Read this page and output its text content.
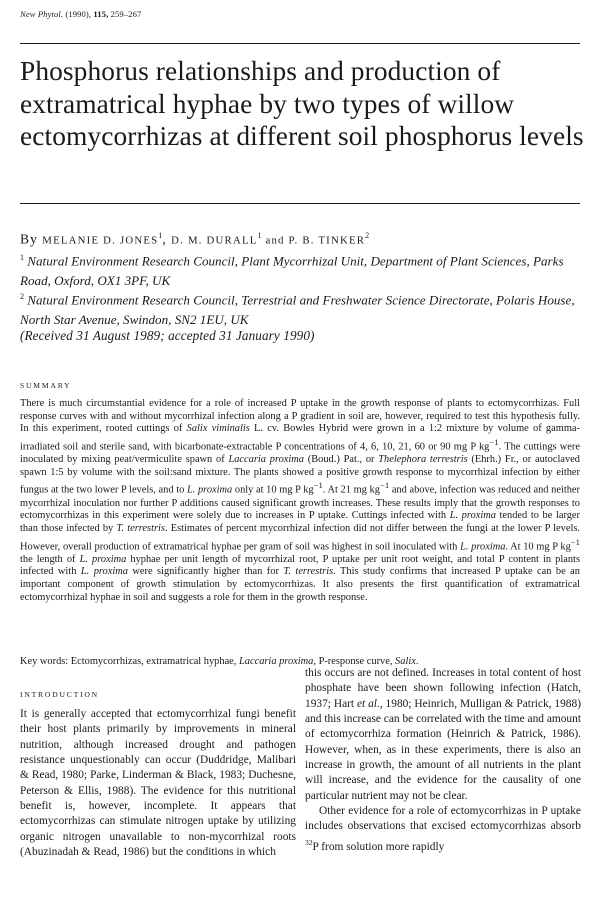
New Phytol. (1990), 115, 259–267
Phosphorus relationships and production of extramatrical hyphae by two types of willow ectomycorrhizas at different soil phosphorus levels
By MELANIE D. JONES$^1$, D. M. DURALL$^1$ and P. B. TINKER$^2$
$^1$ Natural Environment Research Council, Plant Mycorrhizal Unit, Department of Plant Sciences, Parks Road, Oxford, OX1 3PF, UK
$^2$ Natural Environment Research Council, Terrestrial and Freshwater Science Directorate, Polaris House, North Star Avenue, Swindon, SN2 1EU, UK
(Received 31 August 1989; accepted 31 January 1990)
SUMMARY

There is much circumstantial evidence for a role of increased P uptake in the growth response of plants to ectomycorrhizas. Full response curves with and without mycorrhizal infection along a P gradient in soil are, however, required to test this hypothesis fully. In this experiment, rooted cuttings of Salix viminalis L. cv. Bowles Hybrid were grown in a 1:2 mixture by volume of gamma-irradiated soil and sterile sand, with bicarbonate-extractable P concentrations of 4, 6, 10, 21, 60 or 90 mg P $kg^{-1}$. The cuttings were inoculated by mixing peat/vermiculite spawn of Laccaria proxima (Boud.) Pat., or Thelephora terrestris (Ehrh.) Fr., or autoclaved spawn 1:5 by volume with the soil:sand mixture. The plants showed a positive growth response to mycorrhizal infection by either fungus at the two lower P levels, and to L. proxima only at 10 mg P $kg^{-1}$. At 21 mg $kg^{-1}$ and above, infection was reduced and neither mycorrhizal inoculation nor further P additions caused significant growth increases. These results imply that the growth responses to ectomycorrhizas in this experiment were solely due to increases in P uptake. Cuttings infected with L. proxima tended to be larger than those infected by T. terrestris. Estimates of percent mycorrhizal infection did not differ between the fungi at the lower P levels. However, overall production of extramatrical hyphae per gram of soil was highest in soil inoculated with L. proxima. At 10 mg P $kg^{-1}$ the length of L. proxima hyphae per unit length of mycorrhizal root, P uptake per unit root weight, and total P content in plants infected with L. proxima were significantly higher than for T. terrestris. This study confirms that increased P uptake can be an important component of growth stimulation by ectomycorrhizas. It also presents the first quantification of extramatrical ectomycorrhizal hyphae in soil and suggests a role for them in the growth response.

Key words: Ectomycorrhizas, extramatrical hyphae, Laccaria proxima, P-response curve, Salix.

INTRODUCTION

It is generally accepted that ectomycorrhizal fungi benefit their host plants primarily by improvements in mineral nutrition, although increased drought and pathogen resistance unquestionably can occur (Duddridge, Malibari & Read, 1980; Parke, Linderman & Black, 1983; Duchesne, Peterson & Ellis, 1988). The evidence for this nutritional benefit is, however, incomplete. It appears that ectomycorrhizas can stimulate nitrogen uptake by utilizing organic nitrogen unavailable to non-mycorrhizal roots (Abuzinadah & Read, 1986) but the conditions in which

this occurs are not defined. Increases in total content of host phosphate have been shown following infection (Hatch, 1937; Hart et al., 1980; Heinrich, Mulligan & Patrick, 1988) and this increase can be correlated with the time and amount of ectomycorrhiza formation (Heinrich & Patrick, 1986). However, when, as in these experiments, there is also an increase in growth, the amount of all nutrients in the plant will increase, and the evidence for the causality of one particular nutrient may not be clear.

Other evidence for a role of ectomycorrhizas in P uptake includes observations that excised ectomycorrhizas absorb $^{32}$P from solution more rapidly
